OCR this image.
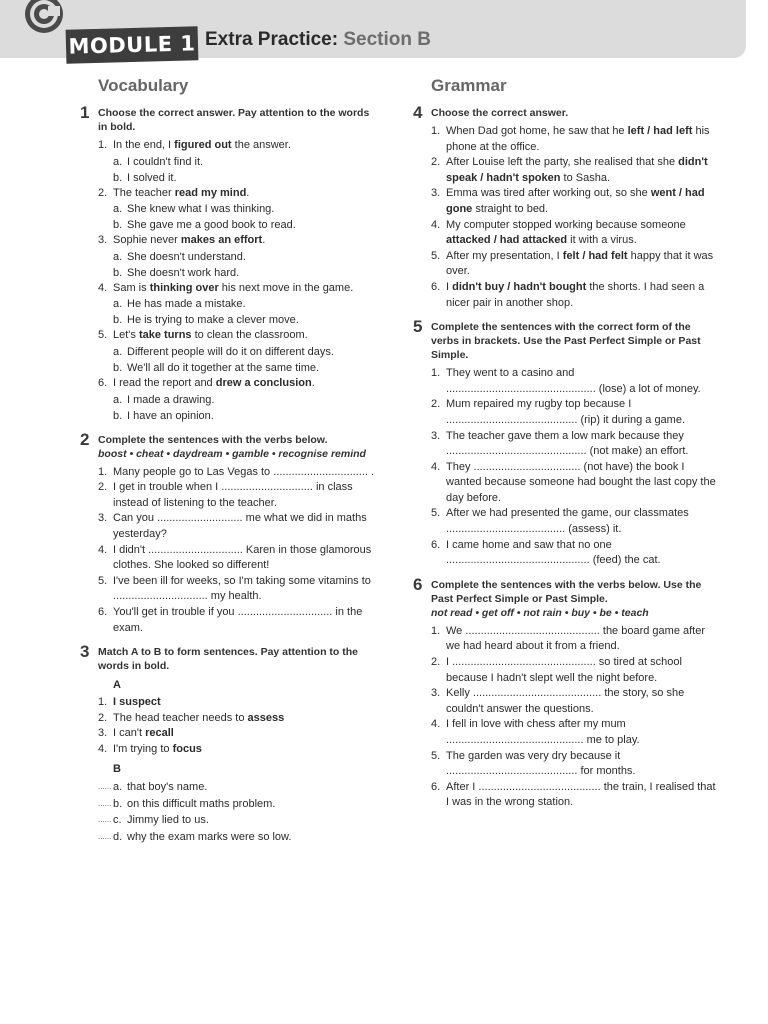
MODULE 1 Extra Practice: Section B
Vocabulary
1 Choose the correct answer. Pay attention to the words in bold.
1. In the end, I figured out the answer.
a. I couldn't find it.
b. I solved it.
2. The teacher read my mind.
a. She knew what I was thinking.
b. She gave me a good book to read.
3. Sophie never makes an effort.
a. She doesn't understand.
b. She doesn't work hard.
4. Sam is thinking over his next move in the game.
a. He has made a mistake.
b. He is trying to make a clever move.
5. Let's take turns to clean the classroom.
a. Different people will do it on different days.
b. We'll all do it together at the same time.
6. I read the report and drew a conclusion.
a. I made a drawing.
b. I have an opinion.
2 Complete the sentences with the verbs below.
boost • cheat • daydream • gamble • recognise remind
1. Many people go to Las Vegas to ............................... .
2. I get in trouble when I .............................. in class instead of listening to the teacher.
3. Can you ............................ me what we did in maths yesterday?
4. I didn't ............................... Karen in those glamorous clothes. She looked so different!
5. I've been ill for weeks, so I'm taking some vitamins to ............................... my health.
6. You'll get in trouble if you ............................... in the exam.
3 Match A to B to form sentences. Pay attention to the words in bold.
A
1. I suspect
2. The head teacher needs to assess
3. I can't recall
4. I'm trying to focus
B
...... a. that boy's name.
...... b. on this difficult maths problem.
...... c. Jimmy lied to us.
...... d. why the exam marks were so low.
Grammar
4 Choose the correct answer.
1. When Dad got home, he saw that he left / had left his phone at the office.
2. After Louise left the party, she realised that she didn't speak / hadn't spoken to Sasha.
3. Emma was tired after working out, so she went / had gone straight to bed.
4. My computer stopped working because someone attacked / had attacked it with a virus.
5. After my presentation, I felt / had felt happy that it was over.
6. I didn't buy / hadn't bought the shorts. I had seen a nicer pair in another shop.
5 Complete the sentences with the correct form of the verbs in brackets. Use the Past Perfect Simple or Past Simple.
1. They went to a casino and ................................................. (lose) a lot of money.
2. Mum repaired my rugby top because I ........................................... (rip) it during a game.
3. The teacher gave them a low mark because they .............................................. (not make) an effort.
4. They ................................... (not have) the book I wanted because someone had bought the last copy the day before.
5. After we had presented the game, our classmates ....................................... (assess) it.
6. I came home and saw that no one ............................................... (feed) the cat.
6 Complete the sentences with the verbs below. Use the Past Perfect Simple or Past Simple.
not read • get off • not rain • buy • be • teach
1. We ............................................ the board game after we had heard about it from a friend.
2. I ............................................... so tired at school because I hadn't slept well the night before.
3. Kelly .......................................... the story, so she couldn't answer the questions.
4. I fell in love with chess after my mum ............................................. me to play.
5. The garden was very dry because it ........................................... for months.
6. After I ........................................ the train, I realised that I was in the wrong station.
